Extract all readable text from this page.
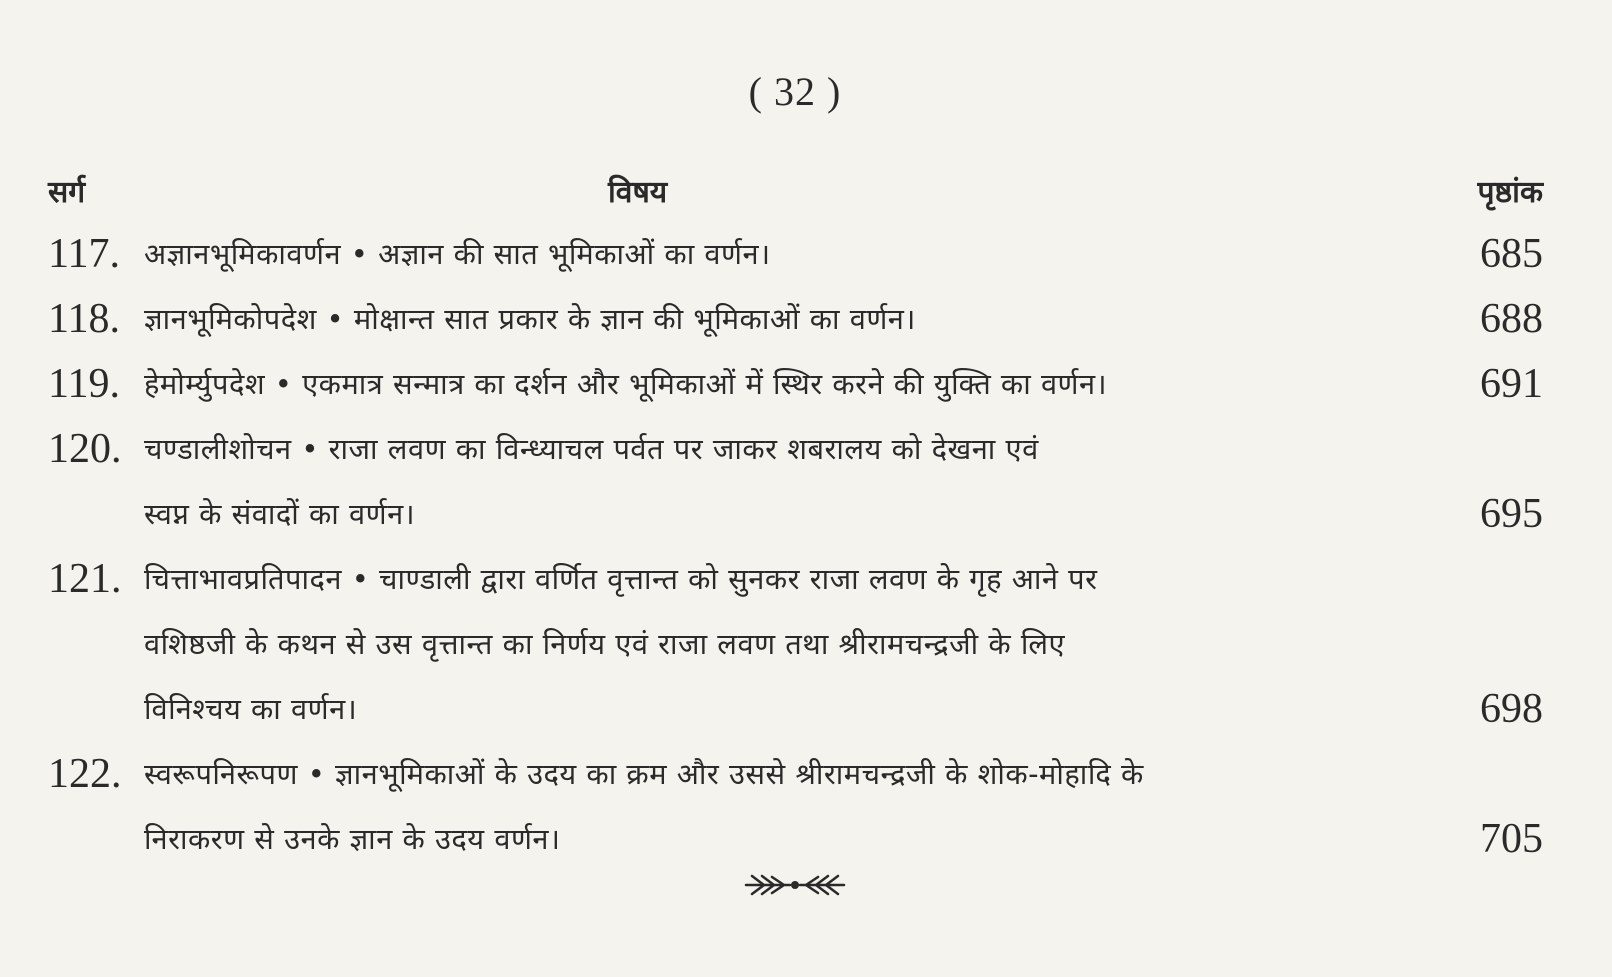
( 32 )
सर्ग	विषय	पृष्ठांक
117. अज्ञानभूमिकावर्णन • अज्ञान की सात भूमिकाओं का वर्णन।	685
118. ज्ञानभूमिकोपदेश • मोक्षान्त सात प्रकार के ज्ञान की भूमिकाओं का वर्णन।	688
119. हेमोर्म्युपदेश • एकमात्र सन्मात्र का दर्शन और भूमिकाओं में स्थिर करने की युक्ति का वर्णन।	691
120. चण्डालीशोचन • राजा लवण का विन्ध्याचल पर्वत पर जाकर शबरालय को देखना एवं
स्वप्न के संवादों का वर्णन।	695
121. चित्ताभावप्रतिपादन • चाण्डाली द्वारा वर्णित वृत्तान्त को सुनकर राजा लवण के गृह आने पर
वशिष्ठजी के कथन से उस वृत्तान्त का निर्णय एवं राजा लवण तथा श्रीरामचन्द्रजी के लिए
विनिश्चय का वर्णन।	698
122. स्वरूपनिरूपण • ज्ञानभूमिकाओं के उदय का क्रम और उससे श्रीरामचन्द्रजी के शोक-मोहादि के
निराकरण से उनके ज्ञान के उदय वर्णन।	705
